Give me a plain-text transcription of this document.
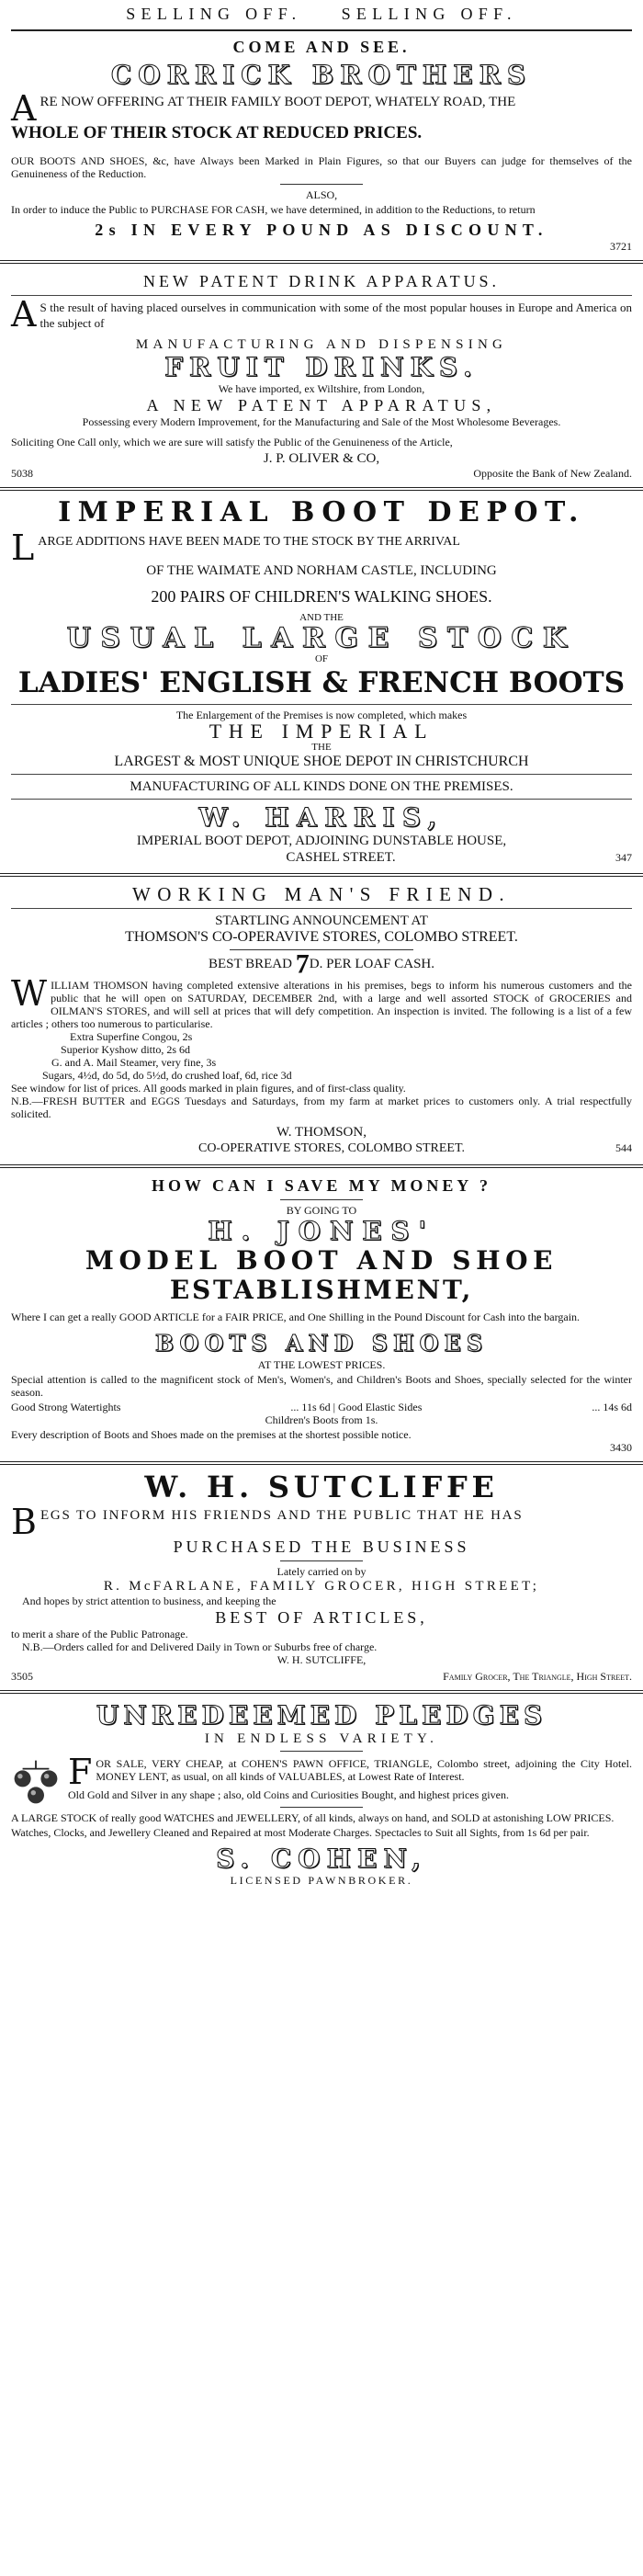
SELLING OFF.    SELLING OFF.
COME AND SEE.
CORRICK BROTHERS
A RE NOW OFFERING AT THEIR FAMILY BOOT DEPOT, WHATELY ROAD, THE
WHOLE OF THEIR STOCK AT REDUCED PRICES.

OUR BOOTS AND SHOES, &c, have Always been Marked in Plain Figures, so that our Buyers can judge for themselves of the Genuineness of the Reduction.

ALSO,

In order to induce the Public to PURCHASE FOR CASH, we have determined, in addition to the Reductions, to return

2s IN EVERY POUND AS DISCOUNT.
3721
NEW PATENT DRINK APPARATUS.
A S the result of having placed ourselves in communication with some of the most popular houses in Europe and America on the subject of
MANUFACTURING AND DISPENSING
FRUIT DRINKS.
We have imported, ex Wiltshire, from London,
A NEW PATENT APPARATUS,
Possessing every Modern Improvement, for the Manufacturing and Sale of the Most Wholesome Beverages.

Soliciting One Call only, which we are sure will satisfy the Public of the Genuineness of the Article,

J. P. OLIVER & CO,
5038	Opposite the Bank of New Zealand.
IMPERIAL BOOT DEPOT.
L ARGE ADDITIONS HAVE BEEN MADE TO THE STOCK BY THE ARRIVAL
OF THE WAIMATE AND NORHAM CASTLE, INCLUDING
200 PAIRS OF CHILDREN'S WALKING SHOES.
AND THE
USUAL LARGE STOCK
OF
LADIES' ENGLISH & FRENCH BOOTS
The Enlargement of the Premises is now completed, which makes
THE IMPERIAL
THE
LARGEST & MOST UNIQUE SHOE DEPOT IN CHRISTCHURCH
MANUFACTURING OF ALL KINDS DONE ON THE PREMISES.
W. HARRIS,
IMPERIAL BOOT DEPOT, ADJOINING DUNSTABLE HOUSE,
CASHEL STREET.	347
WORKING MAN'S FRIEND.
STARTLING ANNOUNCEMENT AT
THOMSON'S CO-OPERAVIVE STORES, COLOMBO STREET.
BEST BREAD 7D. PER LOAF CASH.
W ILLIAM THOMSON having completed extensive alterations in his premises, begs to inform his numerous customers and the public that he will open on SATURDAY, DECEMBER 2nd, with a large and well assorted STOCK of GROCERIES and OILMAN'S STORES, and will sell at prices that will defy competition. An inspection is invited. The following is a list of a few articles ; others too numerous to particularise.
Extra Superfine Congou, 2s
Superior Kyshow ditto, 2s 6d
G. and A. Mail Steamer, very fine, 3s
Sugars, 4½d, do 5d, do 5½d, do crushed loaf, 6d, rice 3d

See window for list of prices. All goods marked in plain figures, and of first-class quality.

N.B.—FRESH BUTTER and EGGS Tuesdays and Saturdays, from my farm at market prices to customers only. A trial respectfully solicited.

W. THOMSON,
CO-OPERATIVE STORES, COLOMBO STREET.	544
HOW CAN I SAVE MY MONEY ?
BY GOING TO
H. JONES'
MODEL BOOT AND SHOE
ESTABLISHMENT,

Where I can get a really GOOD ARTICLE for a FAIR PRICE, and One Shilling in the Pound Discount for Cash into the bargain.

BOOTS AND SHOES
AT THE LOWEST PRICES.

Special attention is called to the magnificent stock of Men's, Women's, and Children's Boots and Shoes, specially selected for the winter season.

Good Strong Watertights	... 11s 6d | Good Elastic Sides	... 14s 6d
Children's Boots from 1s.

Every description of Boots and Shoes made on the premises at the shortest possible notice.

3430
W. H. SUTCLIFFE
B EGS TO INFORM HIS FRIENDS AND THE PUBLIC THAT HE HAS
PURCHASED THE BUSINESS
Lately carried on by
R. McFARLANE, FAMILY GROCER, HIGH STREET;
And hopes by strict attention to business, and keeping the
BEST OF ARTICLES,
to merit a share of the Public Patronage.
N.B.—Orders called for and Delivered Daily in Town or Suburbs free of charge.
W. H. SUTCLIFFE,
3505	Family Grocer, The Triangle, High Street.
UNREDEEMED PLEDGES
IN ENDLESS VARIETY.
F OR SALE, VERY CHEAP, at COHEN'S PAWN OFFICE, TRIANGLE, Colombo street, adjoining the City Hotel. MONEY LENT, as usual, on all kinds of VALUABLES, at Lowest Rate of Interest.

Old Gold and Silver in any shape ; also, old Coins and Curiosities Bought, and highest prices given.

A LARGE STOCK of really good WATCHES and JEWELLERY, of all kinds, always on hand, and SOLD at astonishing LOW PRICES.

Watches, Clocks, and Jewellery Cleaned and Repaired at most Moderate Charges. Spectacles to Suit all Sights, from 1s 6d per pair.

S. COHEN,
LICENSED PAWNBROKER.
